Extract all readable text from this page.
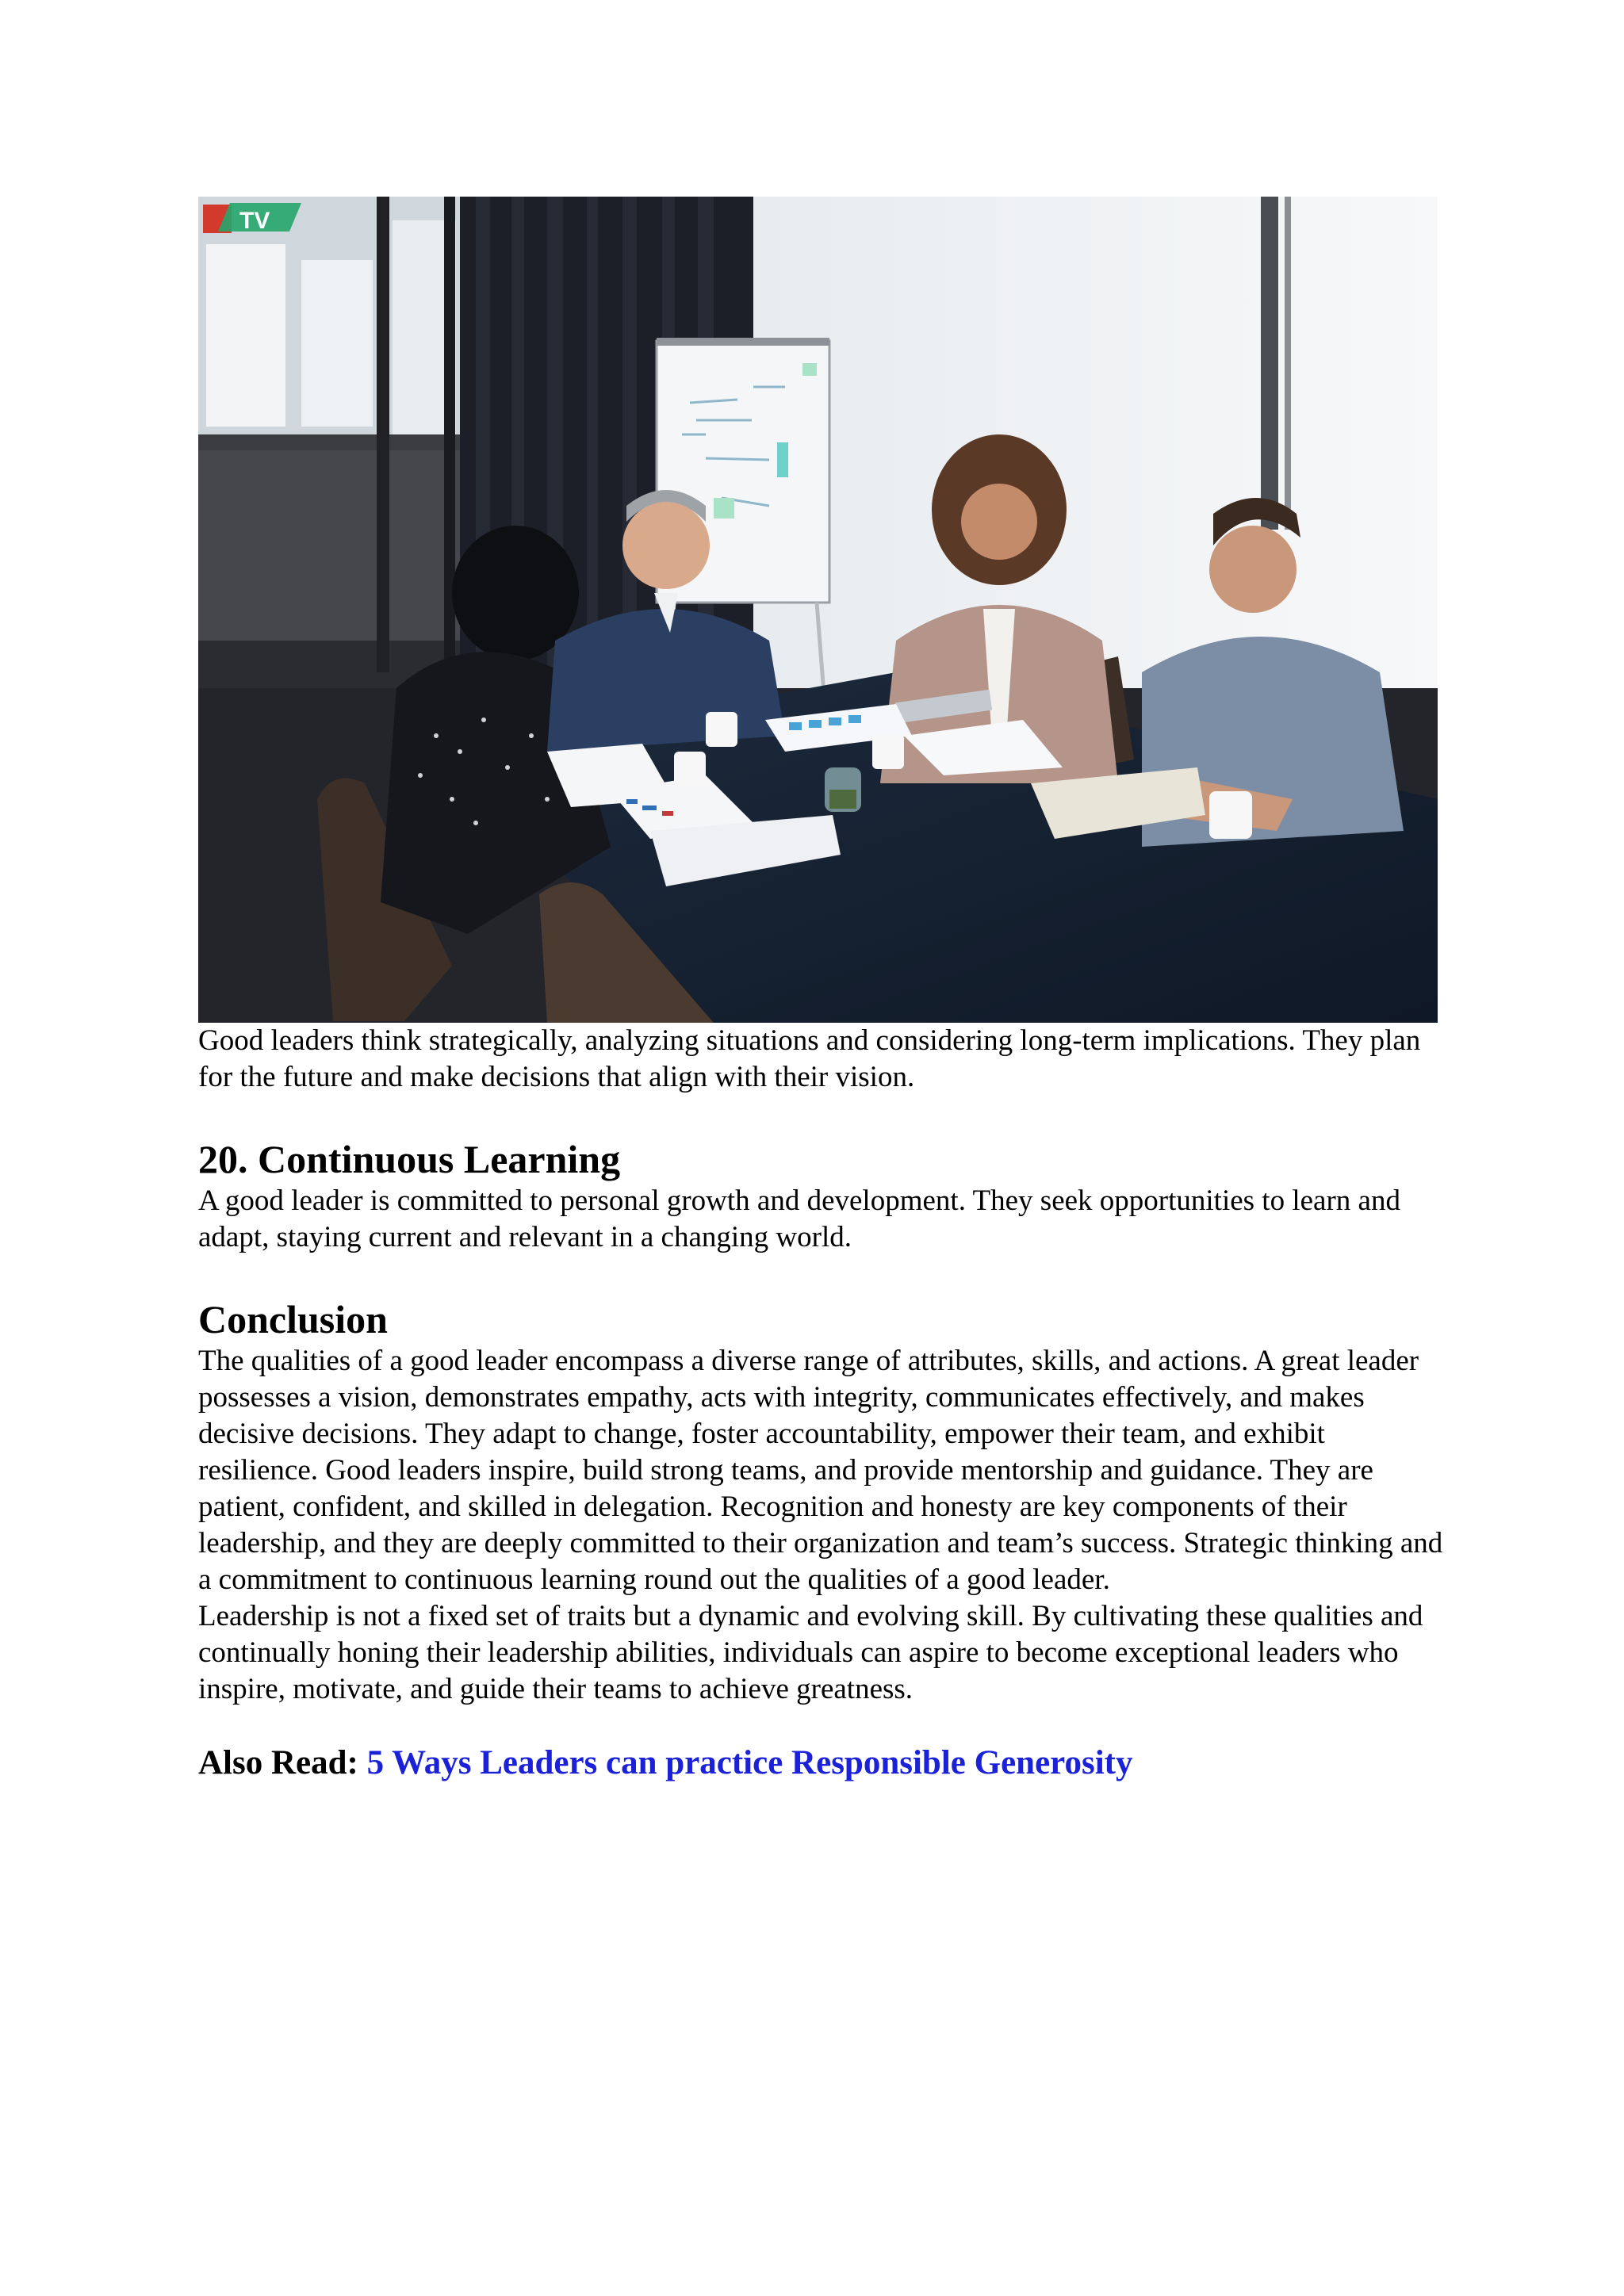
TV

Good leaders think strategically, analyzing situations and considering long-term implications. They plan for the future and make decisions that align with their vision.

20. Continuous Learning

A good leader is committed to personal growth and development. They seek opportunities to learn and adapt, staying current and relevant in a changing world.

Conclusion

The qualities of a good leader encompass a diverse range of attributes, skills, and actions. A great leader possesses a vision, demonstrates empathy, acts with integrity, communicates effectively, and makes decisive decisions. They adapt to change, foster accountability, empower their team, and exhibit resilience. Good leaders inspire, build strong teams, and provide mentorship and guidance. They are patient, confident, and skilled in delegation. Recognition and honesty are key components of their leadership, and they are deeply committed to their organization and team’s success. Strategic thinking and a commitment to continuous learning round out the qualities of a good leader.

Leadership is not a fixed set of traits but a dynamic and evolving skill. By cultivating these qualities and continually honing their leadership abilities, individuals can aspire to become exceptional leaders who inspire, motivate, and guide their teams to achieve greatness.

Also Read: 5 Ways Leaders can practice Responsible Generosity
